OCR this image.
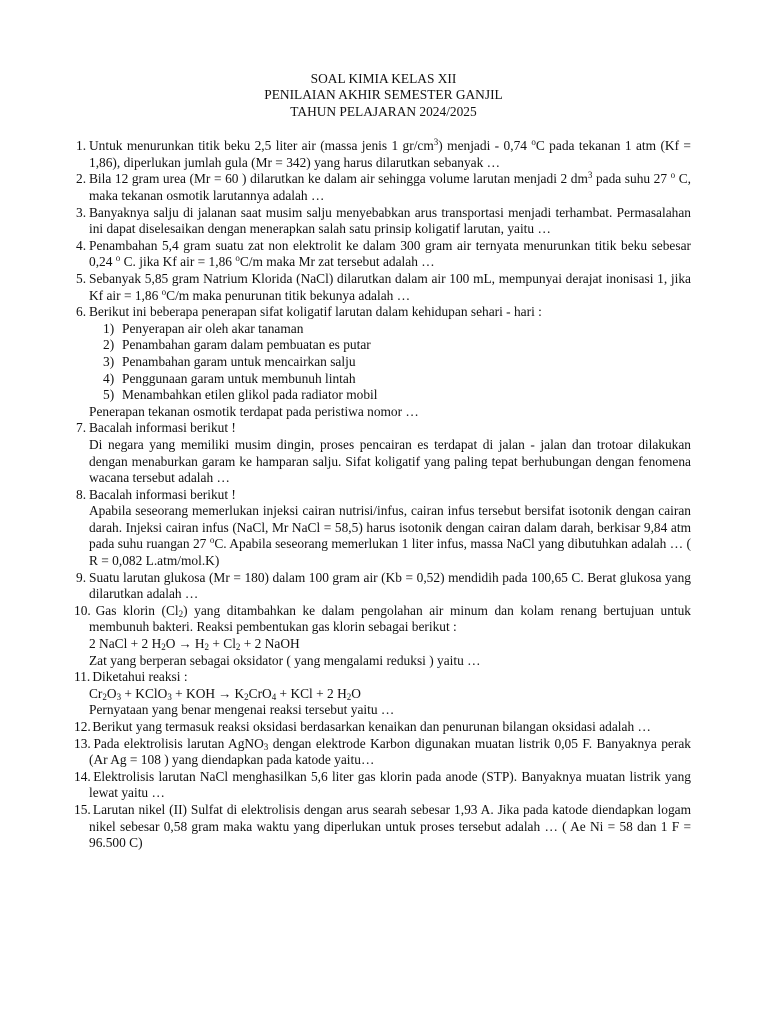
SOAL KIMIA KELAS XII
PENILAIAN AKHIR SEMESTER GANJIL
TAHUN PELAJARAN 2024/2025
1. Untuk menurunkan titik beku 2,5 liter air (massa jenis 1 $gr/cm^3$) menjadi - 0,74 $^o$C pada tekanan 1 atm (Kf = 1,86), diperlukan jumlah gula (Mr = 342) yang harus dilarutkan sebanyak …
2. Bila 12 gram urea (Mr = 60 ) dilarutkan ke dalam air sehingga volume larutan menjadi 2 $dm^3$ pada suhu 27 $^o$ C, maka tekanan osmotik larutannya adalah …
3. Banyaknya salju di jalanan saat musim salju menyebabkan arus transportasi menjadi terhambat. Permasalahan ini dapat diselesaikan dengan menerapkan salah satu prinsip koligatif larutan, yaitu …
4. Penambahan 5,4 gram suatu zat non elektrolit ke dalam 300 gram air ternyata menurunkan titik beku sebesar 0,24 $^o$ C. jika Kf air = 1,86 $^o$C/m maka Mr zat tersebut adalah …
5. Sebanyak 5,85 gram Natrium Klorida (NaCl) dilarutkan dalam air 100 mL, mempunyai derajat inonisasi 1, jika Kf air = 1,86 $^o$C/m maka penurunan titik bekunya adalah …
6. Berikut ini beberapa penerapan sifat koligatif larutan dalam kehidupan sehari - hari :
1) Penyerapan air oleh akar tanaman
2) Penambahan garam dalam pembuatan es putar
3) Penambahan garam untuk mencairkan salju
4) Penggunaan garam untuk membunuh lintah
5) Menambahkan etilen glikol pada radiator mobil
Penerapan tekanan osmotik terdapat pada peristiwa nomor …
7. Bacalah informasi berikut !
Di negara yang memiliki musim dingin, proses pencairan es terdapat di jalan - jalan dan trotoar dilakukan dengan menaburkan garam ke hamparan salju. Sifat koligatif yang paling tepat berhubungan dengan fenomena wacana tersebut adalah …
8. Bacalah informasi berikut !
Apabila seseorang memerlukan injeksi cairan nutrisi/infus, cairan infus tersebut bersifat isotonik dengan cairan darah. Injeksi cairan infus (NaCl, Mr NaCl = 58,5) harus isotonik dengan cairan dalam darah, berkisar 9,84 atm pada suhu ruangan 27 $^o$C. Apabila seseorang memerlukan 1 liter infus, massa NaCl yang dibutuhkan adalah … ( R = 0,082 L.atm/mol.K)
9. Suatu larutan glukosa (Mr = 180) dalam 100 gram air (Kb = 0,52) mendidih pada 100,65 C. Berat glukosa yang dilarutkan adalah …
10. Gas klorin $(Cl_2)$ yang ditambahkan ke dalam pengolahan air minum dan kolam renang bertujuan untuk membunuh bakteri. Reaksi pembentukan gas klorin sebagai berikut :
2 NaCl + 2 $H_2O \to H_2 + Cl_2 + 2$ NaOH
Zat yang berperan sebagai oksidator ( yang mengalami reduksi ) yaitu …
11. Diketahui reaksi :
$Cr_2O_3$ + KClO$_3$ + KOH → $K_2CrO_4$ + KCl + 2 $H_2O$
Pernyataan yang benar mengenai reaksi tersebut yaitu …
12. Berikut yang termasuk reaksi oksidasi berdasarkan kenaikan dan penurunan bilangan oksidasi adalah …
13. Pada elektrolisis larutan AgNO$_3$ dengan elektrode Karbon digunakan muatan listrik 0,05 F. Banyaknya perak (Ar Ag = 108 ) yang diendapkan pada katode yaitu…
14. Elektrolisis larutan NaCl menghasilkan 5,6 liter gas klorin pada anode (STP). Banyaknya muatan listrik yang lewat yaitu …
15. Larutan nikel (II) Sulfat di elektrolisis dengan arus searah sebesar 1,93 A. Jika pada katode diendapkan logam nikel sebesar 0,58 gram maka waktu yang diperlukan untuk proses tersebut adalah … ( Ae Ni = 58 dan 1 F = 96.500 C)
